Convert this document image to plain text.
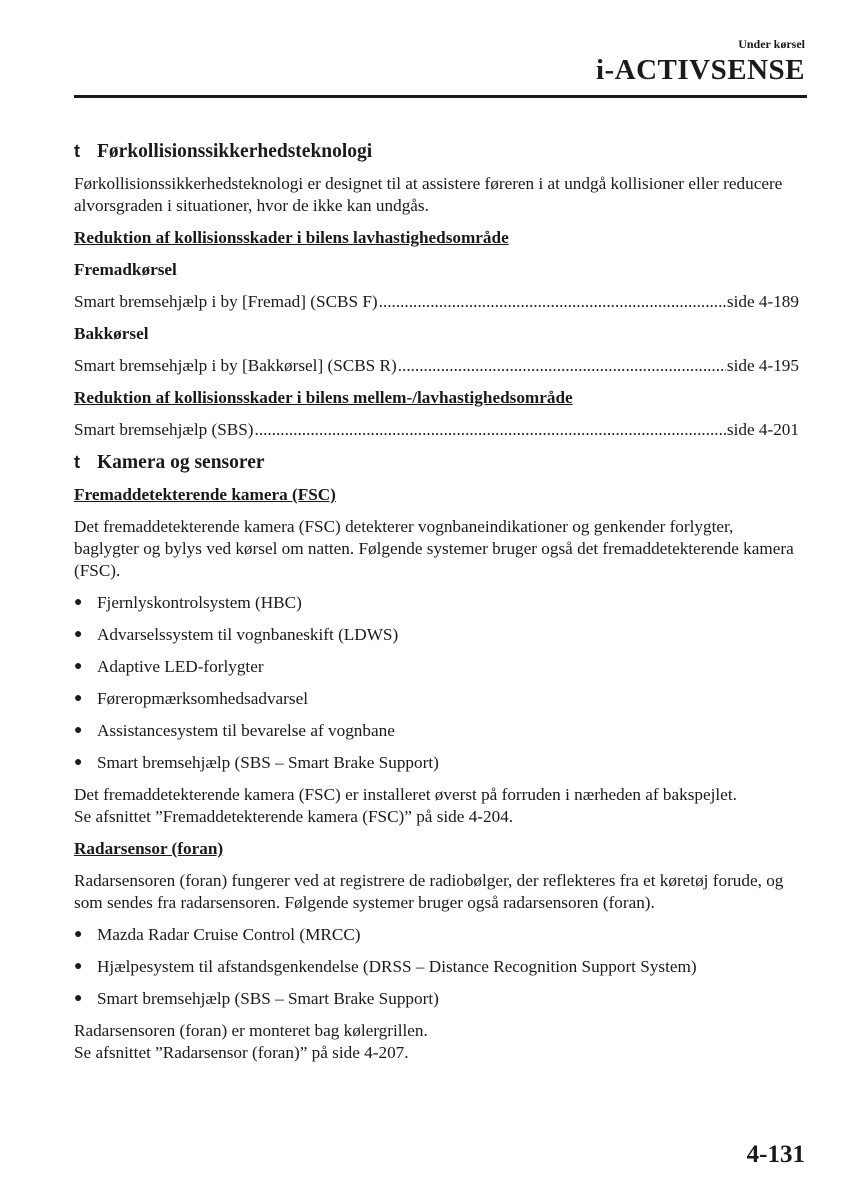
Under kørsel
i-ACTIVSENSE
t Førkollisionssikkerhedsteknologi

Førkollisionssikkerhedsteknologi er designet til at assistere føreren i at undgå kollisioner eller reducere alvorsgraden i situationer, hvor de ikke kan undgås.

Reduktion af kollisionsskader i bilens lavhastighedsområde
Fremadkørsel
Smart bremsehjælp i by [Fremad] (SCBS F) .....	side 4-189
Bakkørsel
Smart bremsehjælp i by [Bakkørsel] (SCBS R) .....	side 4-195
Reduktion af kollisionsskader i bilens mellem-/lavhastighedsområde
Smart bremsehjælp (SBS) .....	side 4-201
t Kamera og sensorer
Fremaddetekterende kamera (FSC)

Det fremaddetekterende kamera (FSC) detekterer vognbaneindikationer og genkender forlygter, baglygter og bylys ved kørsel om natten. Følgende systemer bruger også det fremaddetekterende kamera (FSC).

● Fjernlyskontrolsystem (HBC)
● Advarselssystem til vognbaneskift (LDWS)
● Adaptive LED-forlygter
● Føreropmærksomhedsadvarsel
● Assistancesystem til bevarelse af vognbane
● Smart bremsehjælp (SBS – Smart Brake Support)

Det fremaddetekterende kamera (FSC) er installeret øverst på forruden i nærheden af bakspejlet.

Se afsnittet ”Fremaddetekterende kamera (FSC)” på side 4-204.

Radarsensor (foran)

Radarsensoren (foran) fungerer ved at registrere de radiobølger, der reflekteres fra et køretøj forude, og som sendes fra radarsensoren. Følgende systemer bruger også radarsensoren (foran).

● Mazda Radar Cruise Control (MRCC)
● Hjælpesystem til afstandsgenkendelse (DRSS – Distance Recognition Support System)
● Smart bremsehjælp (SBS – Smart Brake Support)

Radarsensoren (foran) er monteret bag kølergrillen.

Se afsnittet ”Radarsensor (foran)” på side 4-207.

4-131
